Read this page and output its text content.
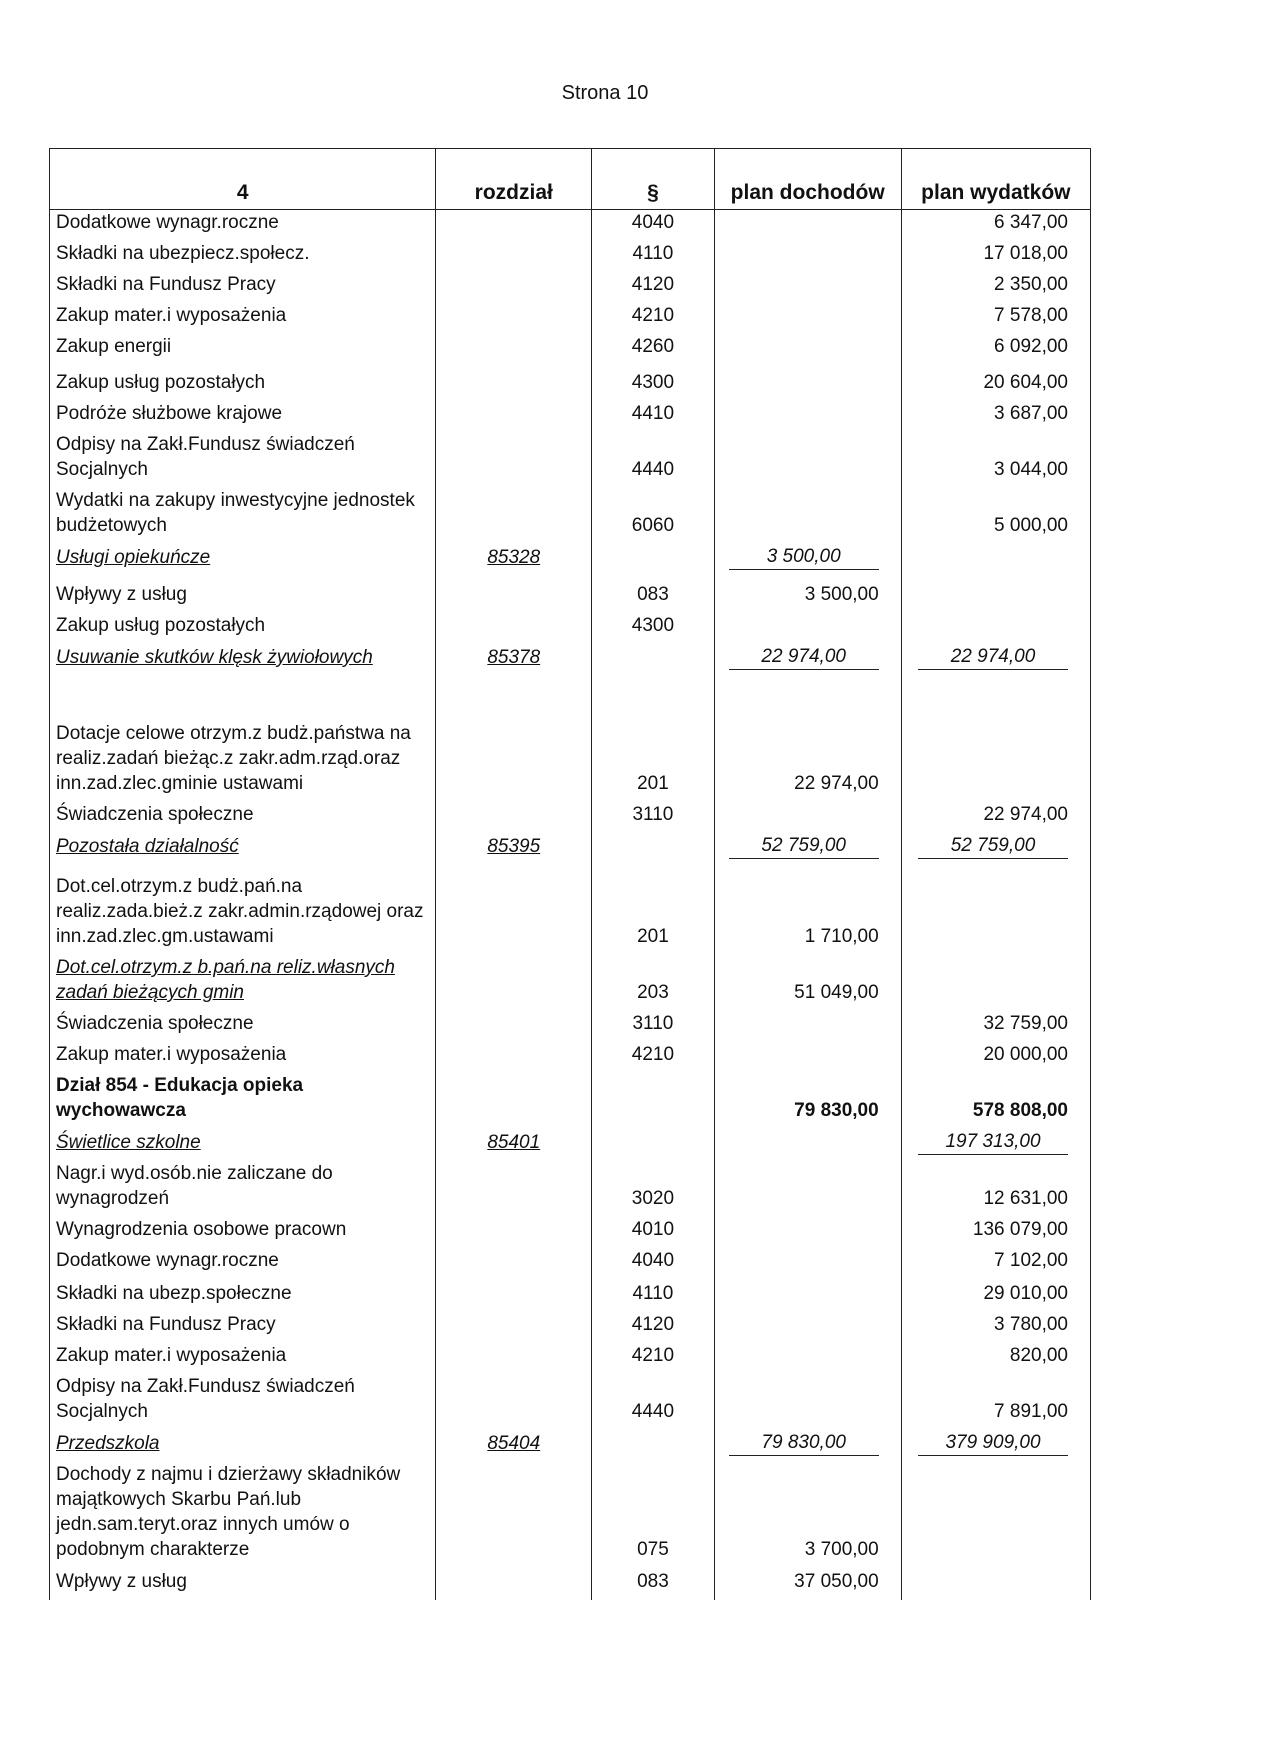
Strona 10
4	rozdział	§	plan dochodów	plan wydatków
Dodatkowe wynagr.roczne		4040		6 347,00
Składki na ubezpiecz.społecz.		4110		17 018,00
Składki na Fundusz Pracy		4120		2 350,00
Zakup mater.i wyposażenia		4210		7 578,00
Zakup energii		4260		6 092,00
Zakup usług pozostałych		4300		20 604,00
Podróże służbowe krajowe		4410		3 687,00
Odpisy na Zakł.Fundusz świadczeń Socjalnych		4440		3 044,00
Wydatki na zakupy inwestycyjne jednostek budżetowych		6060		5 000,00
Usługi opiekuńcze	85328		3 500,00	
Wpływy z usług		083	3 500,00	
Zakup usług pozostałych		4300		
Usuwanie skutków klęsk żywiołowych	85378		22 974,00	22 974,00
Dotacje celowe otrzym.z budż.państwa na realiz.zadań bieżąc.z zakr.adm.rząd.oraz inn.zad.zlec.gminie ustawami		201	22 974,00	
Świadczenia społeczne		3110		22 974,00
Pozostała działalność	85395		52 759,00	52 759,00
Dot.cel.otrzym.z budż.pań.na realiz.zada.bież.z zakr.admin.rządowej oraz inn.zad.zlec.gm.ustawami		201	1 710,00	
Dot.cel.otrzym.z b.pań.na reliz.własnych zadań bieżących gmin		203	51 049,00	
Świadczenia społeczne		3110		32 759,00
Zakup mater.i wyposażenia		4210		20 000,00
Dział 854 - Edukacja opieka wychowawcza			79 830,00	578 808,00
Świetlice szkolne	85401			197 313,00
Nagr.i wyd.osób.nie zaliczane do wynagrodzeń		3020		12 631,00
Wynagrodzenia osobowe pracown		4010		136 079,00
Dodatkowe wynagr.roczne		4040		7 102,00
Składki na ubezp.społeczne		4110		29 010,00
Składki na Fundusz Pracy		4120		3 780,00
Zakup mater.i wyposażenia		4210		820,00
Odpisy na Zakł.Fundusz świadczeń Socjalnych		4440		7 891,00
Przedszkola	85404		79 830,00	379 909,00
Dochody z najmu i dzierżawy składników majątkowych Skarbu Pań.lub jedn.sam.teryt.oraz innych umów o podobnym charakterze		075	3 700,00	
Wpływy z usług		083	37 050,00	
